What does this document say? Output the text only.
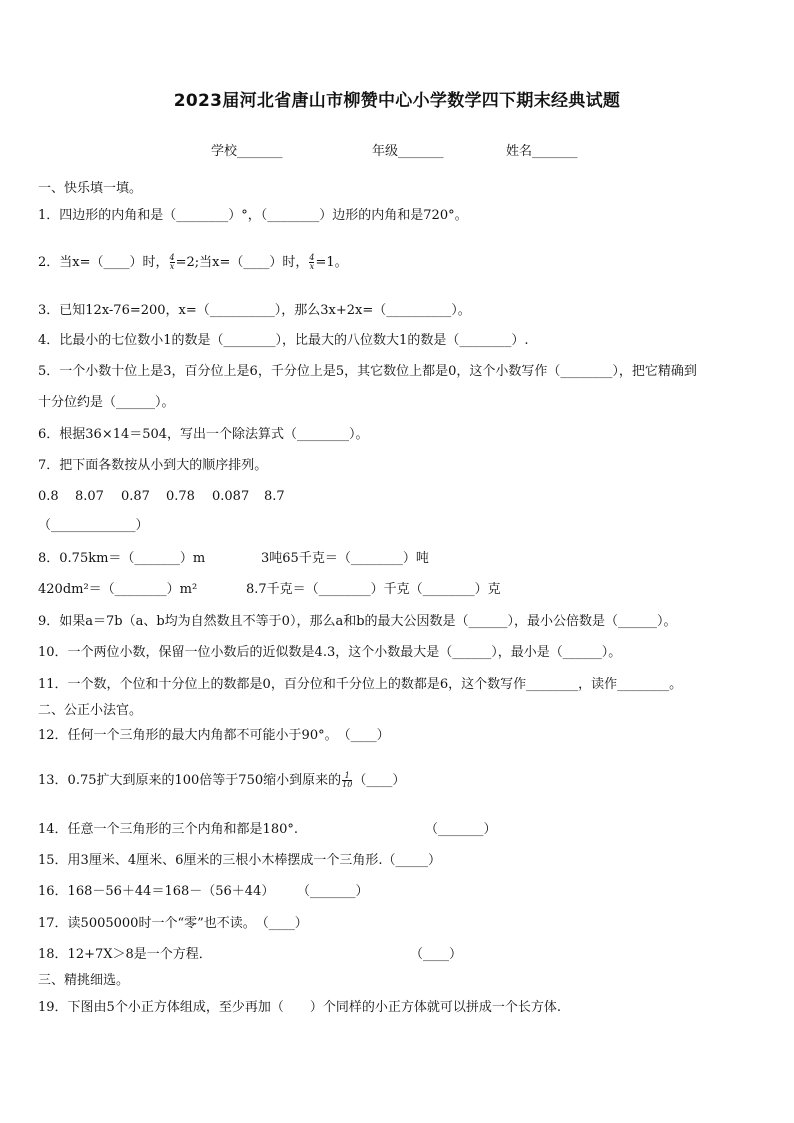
2023届河北省唐山市柳赞中心小学数学四下期末经典试题
学校_______	年级_______	姓名_______
一、快乐填一填。
1．四边形的内角和是（________）°，（________）边形的内角和是720°。
2．当x=（____）时， $\frac{4}{x} =2$;当x=（____）时， $\frac{4}{x} =1$。
3．已知12x-76=200，x=（__________），那么3x+2x=（__________）。
4．比最小的七位数小1的数是（________），比最大的八位数大1的数是（________）.
5．一个小数十位上是3，百分位上是6，千分位上是5，其它数位上都是0，这个小数写作（________），把它精确到
十分位约是（______）。
6．根据36×14＝504，写出一个除法算式（________）。
7．把下面各数按从小到大的顺序排列。
0.8 8.07 0.87 0.78 0.087 8.7
（_____________）
8．0.75km＝（_______）m	3吨65千克＝（________）吨
420dm²＝（________）m²	8.7千克＝（________）千克（________）克
9．如果a＝7b（a、b均为自然数且不等于0），那么a和b的最大公因数是（______），最小公倍数是（______）。
10．一个两位小数，保留一位小数后的近似数是4.3，这个小数最大是（______），最小是（______）。
11．一个数，个位和十分位上的数都是0，百分位和千分位上的数都是6，这个数写作________，读作________。
二、公正小法官。
12．任何一个三角形的最大内角都不可能小于90°。　（____）
13．0.75扩大到原来的100倍等于750缩小到原来的 $\frac{1}{10}$ （____）
14．任意一个三角形的三个内角和都是180°.	（_______）
15．用3厘米、4厘米、6厘米的三根小木棒摆成一个三角形.（_____）
16．168－56＋44＝168－（56＋44） （_______）
17．读5005000时一个“零”也不读。　（____）
18．12+7X＞8是一个方程．	（____）
三、精挑细选。
19．下图由5个小正方体组成，至少再加（　　）个同样的小正方体就可以拼成一个长方体.
